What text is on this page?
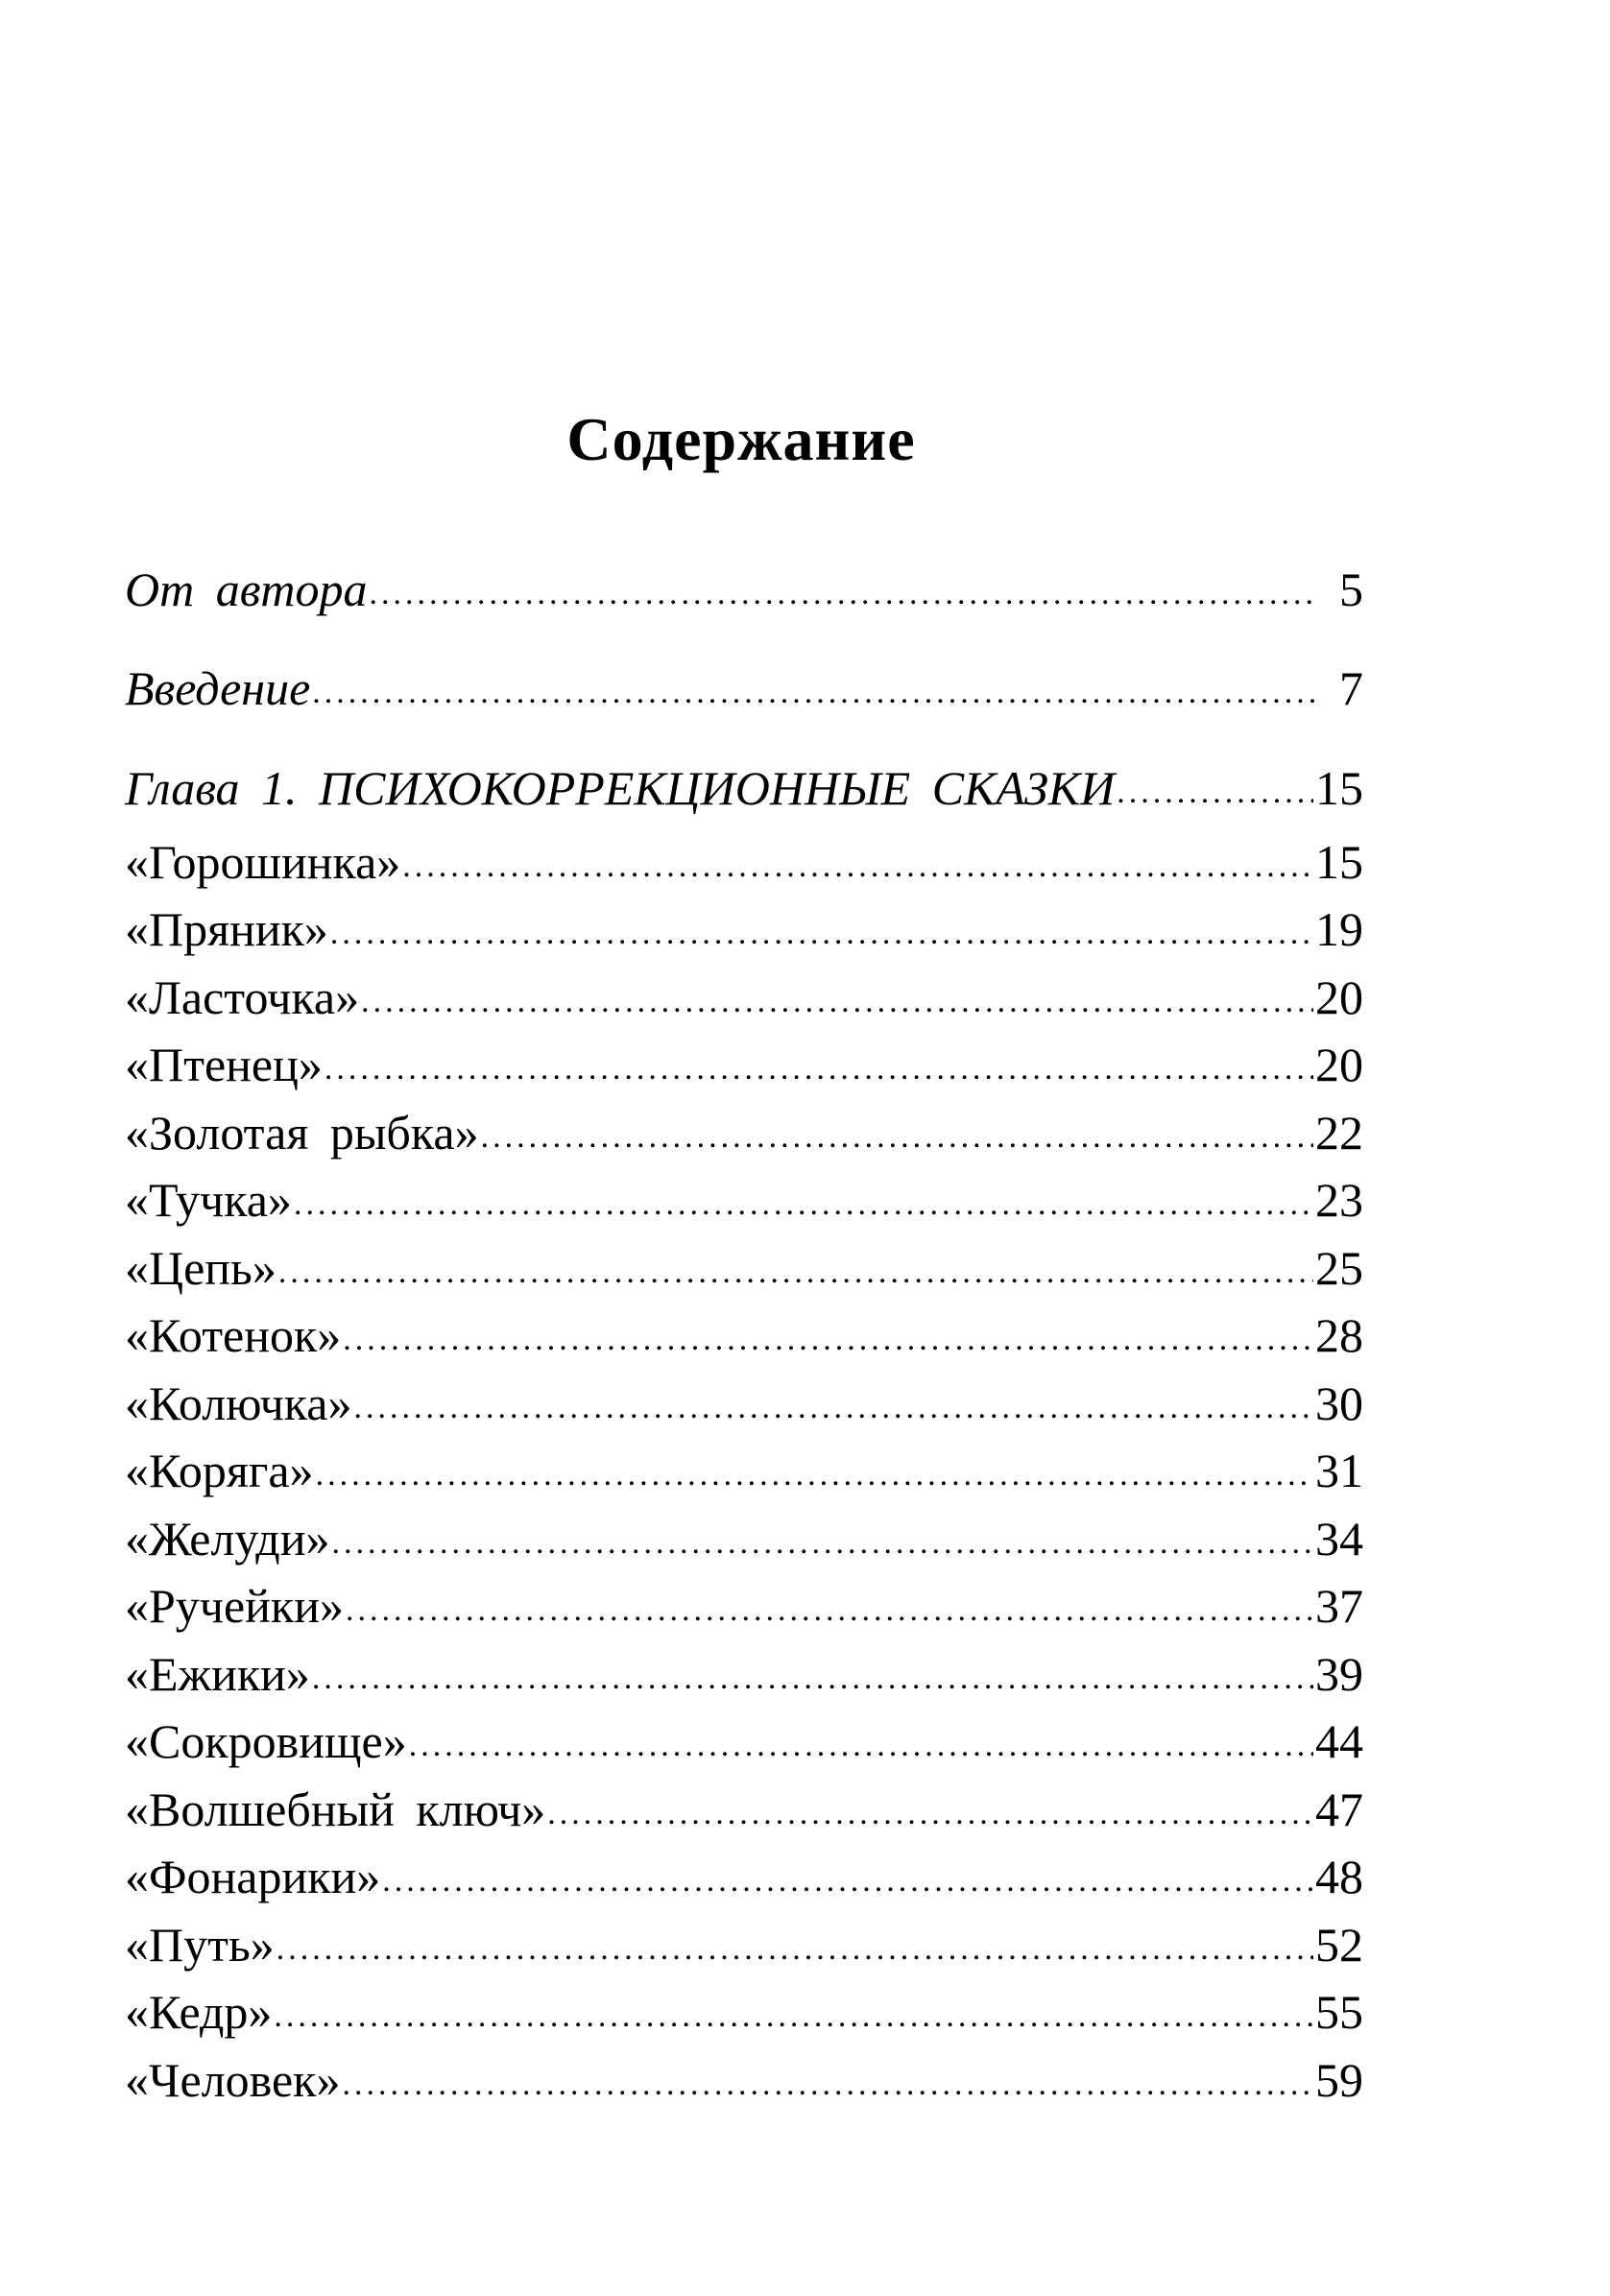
Содержание
От автора .....	5
Введение .....	7
Глава 1. ПСИХОКОРРЕКЦИОННЫЕ СКАЗКИ .....	15
«Горошинка» .....	15
«Пряник» .....	19
«Ласточка» .....	20
«Птенец» .....	20
«Золотая рыбка» .....	22
«Тучка» .....	23
«Цепь» .....	25
«Котенок» .....	28
«Колючка» .....	30
«Коряга» .....	31
«Желуди» .....	34
«Ручейки» .....	37
«Ежики» .....	39
«Сокровище» .....	44
«Волшебный ключ» .....	47
«Фонарики» .....	48
«Путь» .....	52
«Кедр» .....	55
«Человек» .....	59
